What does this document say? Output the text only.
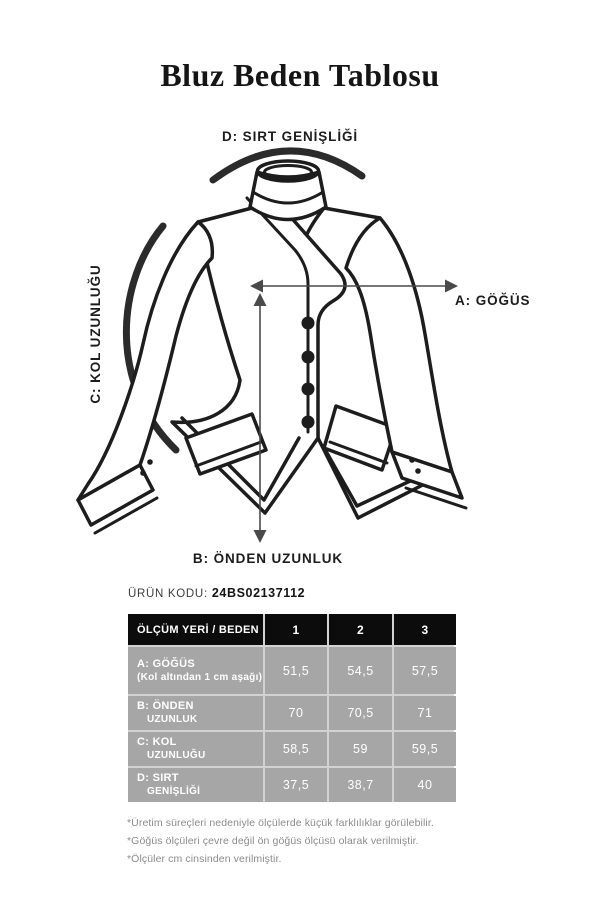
Bluz Beden Tablosu
D: SIRT GENİŞLİĞİ
A: GÖĞÜS
C: KOL UZUNLUĞU
B: ÖNDEN UZUNLUK
ÜRÜN KODU: 24BS02137112
ÖLÇÜM YERİ / BEDEN	1	2	3
A: GÖĞÜS
(Kol altından 1 cm aşağı)	51,5	54,5	57,5
B: ÖNDEN
UZUNLUK	70	70,5	71
C: KOL
UZUNLUĞU	58,5	59	59,5
D: SIRT
GENİŞLİĞİ	37,5	38,7	40
*Üretim süreçleri nedeniyle ölçülerde küçük farklılıklar görülebilir.
*Göğüs ölçüleri çevre değil ön göğüs ölçüsü olarak verilmiştir.
*Ölçüler cm cinsinden verilmiştir.
